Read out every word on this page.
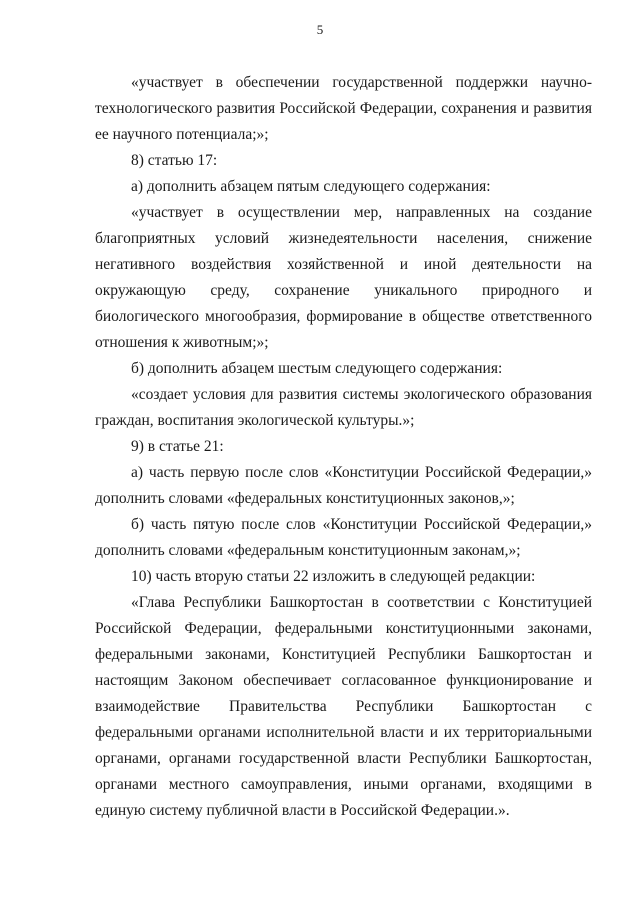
5

«участвует в обеспечении государственной поддержки научно-технологического развития Российской Федерации, сохранения и развития ее научного потенциала;»;

8) статью 17:

а) дополнить абзацем пятым следующего содержания:

«участвует в осуществлении мер, направленных на создание благоприятных условий жизнедеятельности населения, снижение негативного воздействия хозяйственной и иной деятельности на окружающую среду, сохранение уникального природного и биологического многообразия, формирование в обществе ответственного отношения к животным;»;

б) дополнить абзацем шестым следующего содержания:

«создает условия для развития системы экологического образования граждан, воспитания экологической культуры.»;

9) в статье 21:

а) часть первую после слов «Конституции Российской Федерации,» дополнить словами «федеральных конституционных законов,»;

б) часть пятую после слов «Конституции Российской Федерации,» дополнить словами «федеральным конституционным законам,»;

10) часть вторую статьи 22 изложить в следующей редакции:

«Глава Республики Башкортостан в соответствии с Конституцией Российской Федерации, федеральными конституционными законами, федеральными законами, Конституцией Республики Башкортостан и настоящим Законом обеспечивает согласованное функционирование и взаимодействие Правительства Республики Башкортостан с федеральными органами исполнительной власти и их территориальными органами, органами государственной власти Республики Башкортостан, органами местного самоуправления, иными органами, входящими в единую систему публичной власти в Российской Федерации.».
